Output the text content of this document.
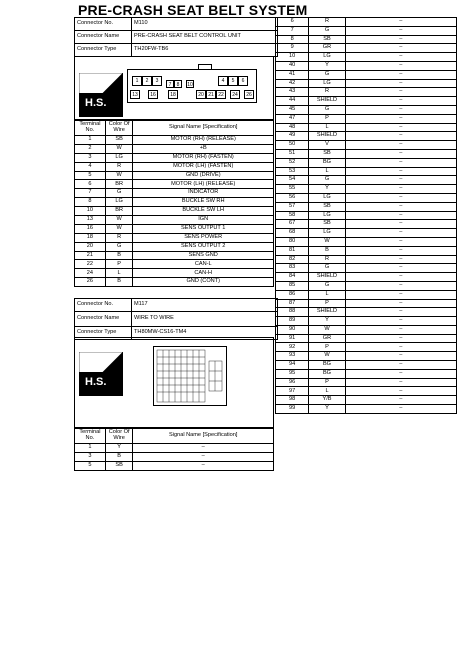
PRE-CRASH SEAT BELT SYSTEM
Connector No.	M110
Connector Name	PRE-CRASH SEAT BELT CONTROL UNIT
Connector Type	TH20FW-TB6
H.S.
1	2	3
7	8	10
4	5	6
13	16	18	20 21 22	24	26
Terminal No.	Color Of Wire	Signal Name [Specification]
1	SB	MOTOR (RH) (RELEASE)
2	W	+B
3	LG	MOTOR (RH) (FASTEN)
4	R	MOTOR (LH) (FASTEN)
5	W	GND (DRIVE)
6	BR	MOTOR (LH) (RELEASE)
7	G	INDICATOR
8	LG	BUCKLE SW RH
10	BR	BUCKLE SW LH
13	W	IGN
16	W	SENS OUTPUT 1
18	R	SENS POWER
20	G	SENS OUTPUT 2
21	B	SENS GND
22	P	CAN-L
24	L	CAN-H
26	B	GND (CONT)
Connector No.	M117
Connector Name	WIRE TO WIRE
Connector Type	TH80MW-CS16-TM4
H.S.
Terminal No.	Color Of Wire	Signal Name [Specification]
1	Y	–
3	B	–
5	SB	–
6	R	–
7	G	–
8	SB	–
9	GR	–
10	LG	–
40	Y	–
41	G	–
42	LG	–
43	R	–
44	SHIELD	–
45	G	–
47	P	–
48	L	–
49	SHIELD	–
50	V	–
51	SB	–
52	BG	–
53	L	–
54	G	–
55	Y	–
56	LG	–
57	SB	–
58	LG	–
67	SB	–
68	LG	–
80	W	–
81	B	–
82	R	–
83	G	–
84	SHIELD	–
85	G	–
86	L	–
87	P	–
88	SHIELD	–
89	Y	–
90	W	–
91	GR	–
92	P	–
93	W	–
94	BG	–
95	BG	–
96	P	–
97	L	–
98	Y/B	–
99	Y	–
